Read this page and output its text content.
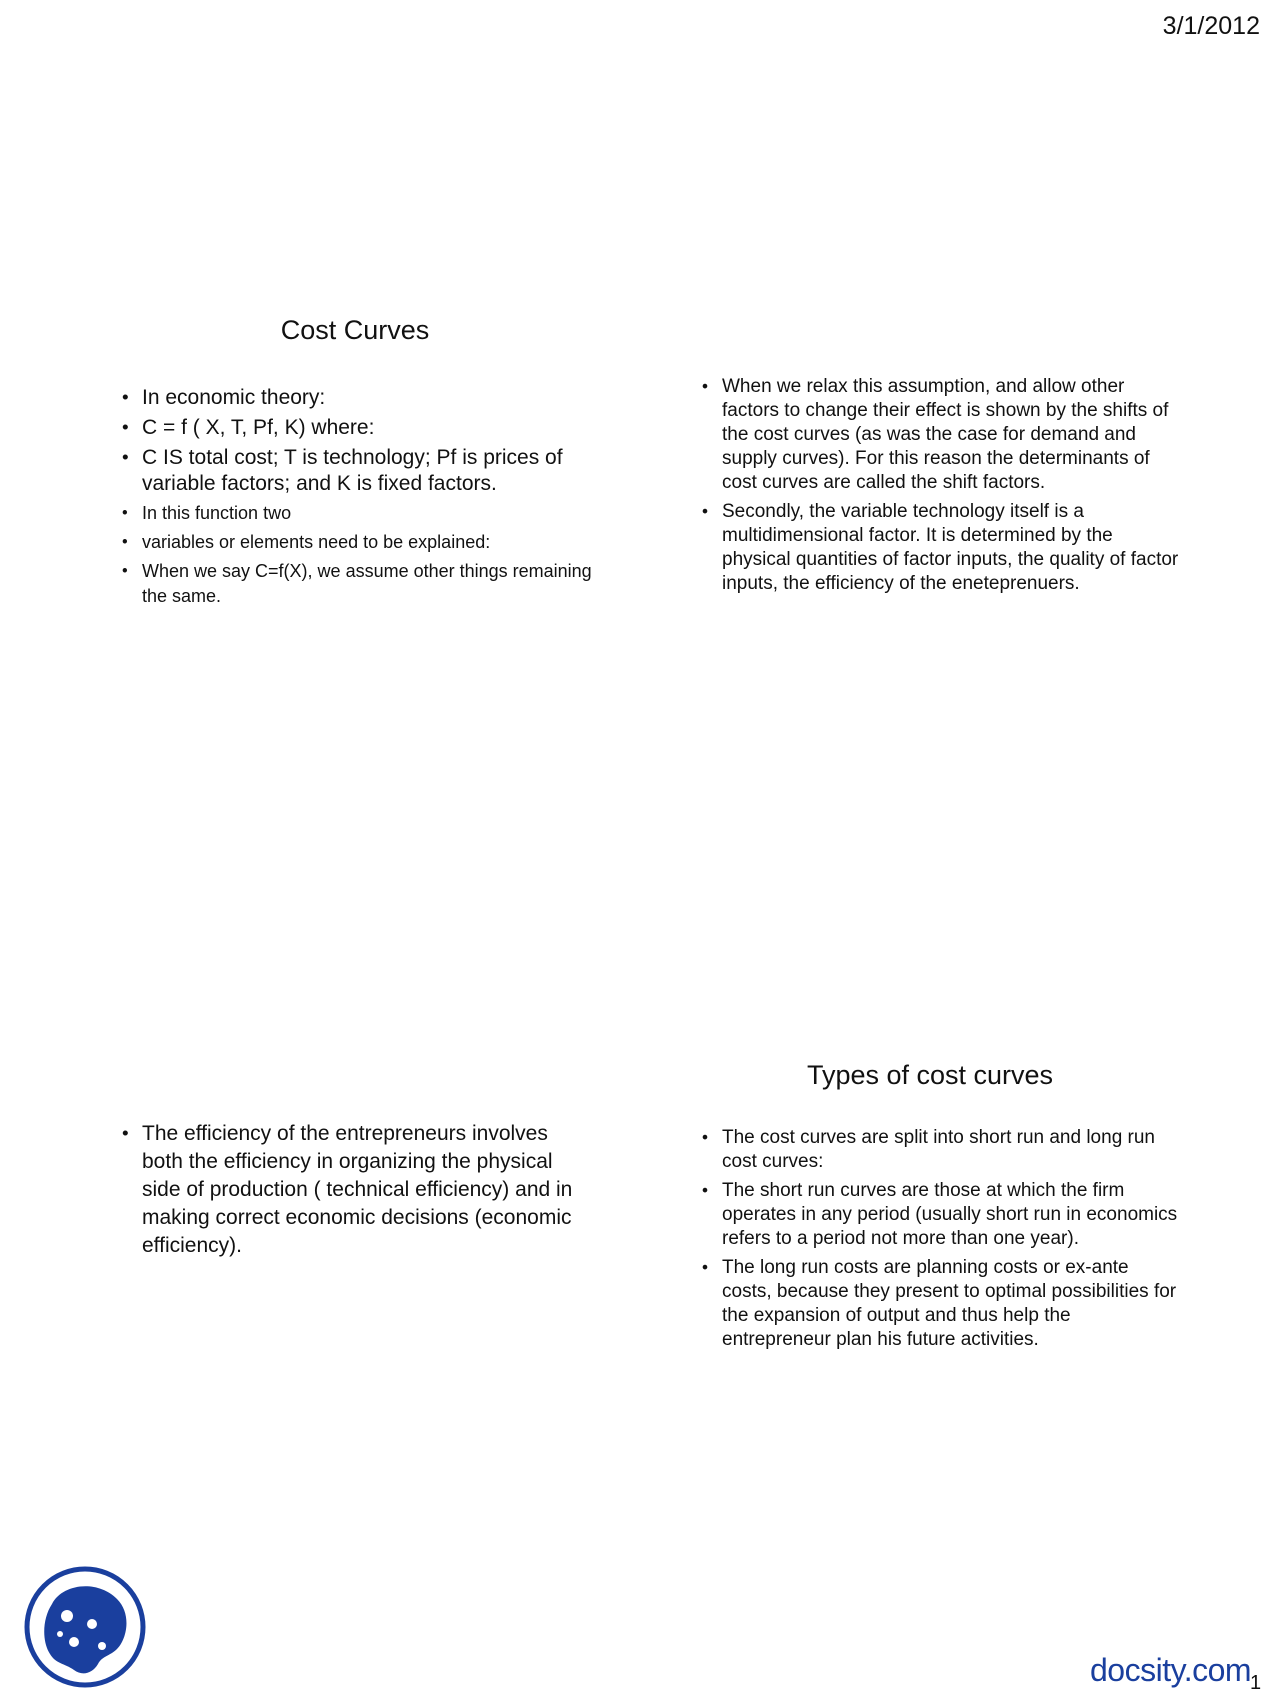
3/1/2012
Cost Curves
• In economic theory:
• C = f ( X, T, Pf, K) where:
• C IS total cost; T is technology; Pf is prices of variable factors; and K is fixed factors.
• In this function two
• variables or elements need to be explained:
• When we say C=f(X), we assume other things remaining the same.
• When we relax this assumption, and allow other factors to change their effect is shown by the shifts of the cost curves (as was the case for demand and supply curves). For this reason the determinants of cost curves are called the shift factors.
• Secondly, the variable technology itself is a multidimensional factor. It is determined by the physical quantities of factor inputs, the quality of factor inputs, the efficiency of the eneteprenuers.
• The efficiency of the entrepreneurs involves both the efficiency in organizing the physical side of production ( technical efficiency) and in making correct economic decisions (economic efficiency).
Types of cost curves
• The cost curves are split into short run and long run cost curves:
• The short run curves are those at which the firm operates in any period (usually short run in economics refers to a period not more than one year).
• The long run costs are planning costs or ex-ante costs, because they present to optimal possibilities for the expansion of output and thus help the entrepreneur plan his future activities.
docsity.com
1
